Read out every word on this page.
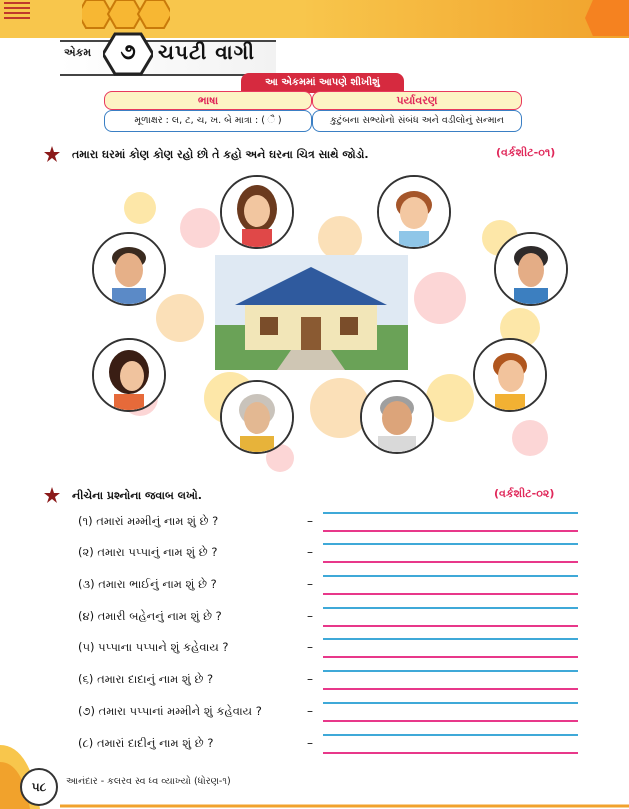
એકમ	૭	ચપટી વાગી
આ એકમમાં આપણે શીખીશું
ભાષા	પર્યાવરણ
મૂળાક્ષર : લ, ટ, ચ, ખ. બે માત્રા : ( ૈ )	કુટુંબના સભ્યોનો સંબંધ અને વડીલોનું સન્માન
તમારા ઘરમાં કોણ કોણ રહો છો તે કહો અને ઘરના ચિત્ર સાથે જોડો.	(વર્કશીટ-૦૧)
નીચેના પ્રશ્નોના જવાબ લખો.	(વર્કશીટ-૦૨)
(૧) તમારાં મમ્મીનું નામ શું છે ?	–
(૨) તમારા પપ્પાનું નામ શું છે ?	–
(૩) તમારા ભાઈનું નામ શું છે ?	–
(૪) તમારી બહેનનું નામ શું છે ?	–
(૫) પપ્પાના પપ્પાને શું કહેવાય ?	–
(૬) તમારા દાદાનું નામ શું છે ?	–
(૭) તમારા પપ્પાનાં મમ્મીને શું કહેવાય ?	–
(૮) તમારાં દાદીનું નામ શું છે ?	–
૫૮	આનંદાર - કલરવ સ્વ ધ્વ વ્યાખ્યો (ધોરણ-૧)
